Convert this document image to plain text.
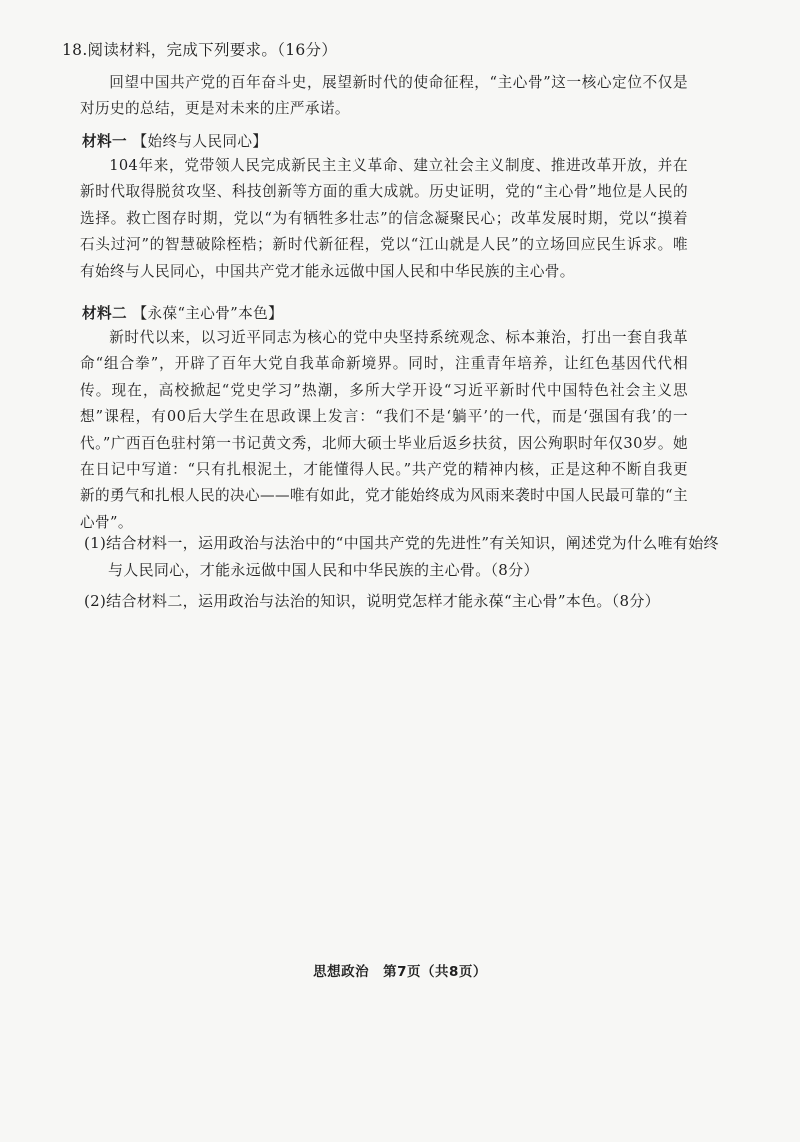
18.阅读材料，完成下列要求。（16分）
回望中国共产党的百年奋斗史，展望新时代的使命征程，“主心骨”这一核心定位不仅是对历史的总结，更是对未来的庄严承诺。
材料一 【始终与人民同心】
104年来，党带领人民完成新民主主义革命、建立社会主义制度、推进改革开放，并在新时代取得脱贫攻坚、科技创新等方面的重大成就。历史证明，党的“主心骨”地位是人民的选择。救亡图存时期，党以“为有牺牲多壮志”的信念凝聚民心；改革发展时期，党以“摸着石头过河”的智慧破除桎梏；新时代新征程，党以“江山就是人民”的立场回应民生诉求。唯有始终与人民同心，中国共产党才能永远做中国人民和中华民族的主心骨。
材料二 【永葆“主心骨”本色】
新时代以来，以习近平同志为核心的党中央坚持系统观念、标本兼治，打出一套自我革命“组合拳”，开辟了百年大党自我革命新境界。同时，注重青年培养，让红色基因代代相传。现在，高校掀起“党史学习”热潮，多所大学开设“习近平新时代中国特色社会主义思想”课程，有00后大学生在思政课上发言：“我们不是‘躺平’的一代，而是‘强国有我’的一代。”广西百色驻村第一书记黄文秀，北师大硕士毕业后返乡扶贫，因公殉职时年仅30岁。她在日记中写道：“只有扎根泥土，才能懂得人民。”共产党的精神内核，正是这种不断自我更新的勇气和扎根人民的决心——唯有如此，党才能始终成为风雨来袭时中国人民最可靠的“主心骨”。
(1)结合材料一，运用政治与法治中的“中国共产党的先进性”有关知识，阐述党为什么唯有始终与人民同心，才能永远做中国人民和中华民族的主心骨。（8分）
(2)结合材料二，运用政治与法治的知识，说明党怎样才能永葆“主心骨”本色。（8分）
思想政治　第7页（共8页）
